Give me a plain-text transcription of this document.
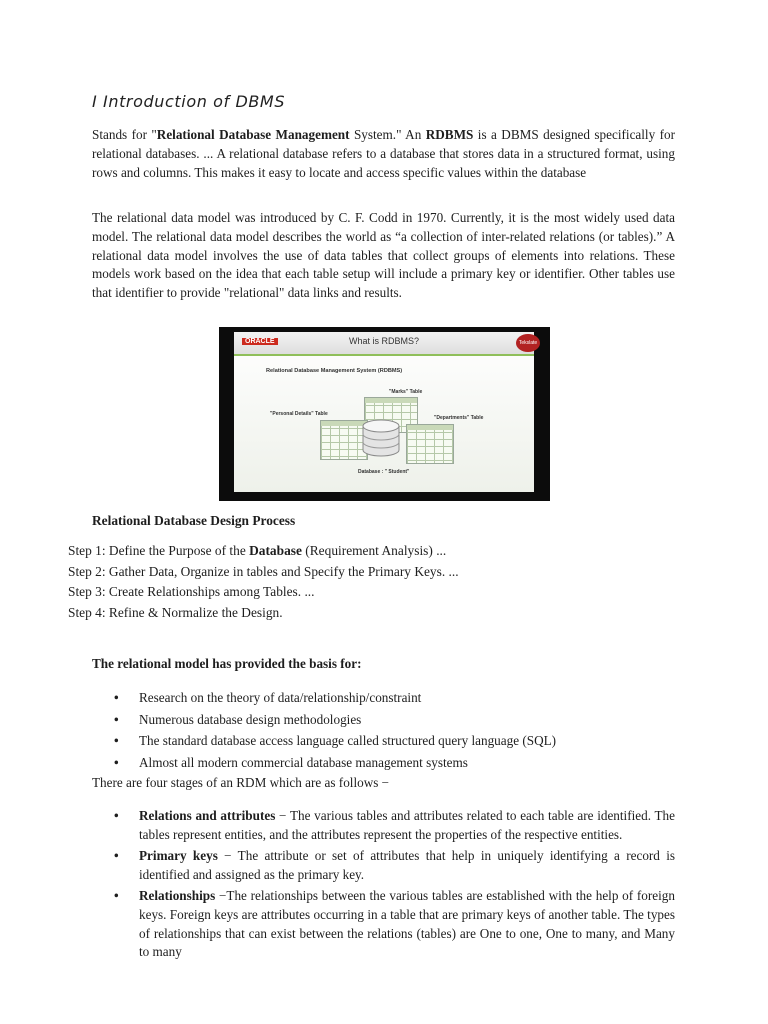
I Introduction of DBMS

Stands for "Relational Database Management System." An RDBMS is a DBMS designed specifically for relational databases. ... A relational database refers to a database that stores data in a structured format, using rows and columns. This makes it easy to locate and access specific values within the database

The relational data model was introduced by C. F. Codd in 1970. Currently, it is the most widely used data model. The relational data model describes the world as “a collection of inter-related relations (or tables).” A relational data model involves the use of data tables that collect groups of elements into relations. These models work based on the idea that each table setup will include a primary key or identifier. Other tables use that identifier to provide "relational" data links and results.

ORACLE	What is RDBMS?	Tekslate
Relational Database Management System (RDBMS)
"Marks" Table
"Personal Details" Table
"Departments" Table
Database : " Student"
Relational Database Design Process
Step 1: Define the Purpose of the Database (Requirement Analysis) ...
Step 2: Gather Data, Organize in tables and Specify the Primary Keys. ...
Step 3: Create Relationships among Tables. ...
Step 4: Refine & Normalize the Design.
The relational model has provided the basis for:
• Research on the theory of data/relationship/constraint
• Numerous database design methodologies
• The standard database access language called structured query language (SQL)
• Almost all modern commercial database management systems
There are four stages of an RDM which are as follows −
• Relations and attributes − The various tables and attributes related to each table are identified. The tables represent entities, and the attributes represent the properties of the respective entities.
• Primary keys − The attribute or set of attributes that help in uniquely identifying a record is identified and assigned as the primary key.
• Relationships −The relationships between the various tables are established with the help of foreign keys. Foreign keys are attributes occurring in a table that are primary keys of another table. The types of relationships that can exist between the relations (tables) are One to one, One to many, and Many to many
